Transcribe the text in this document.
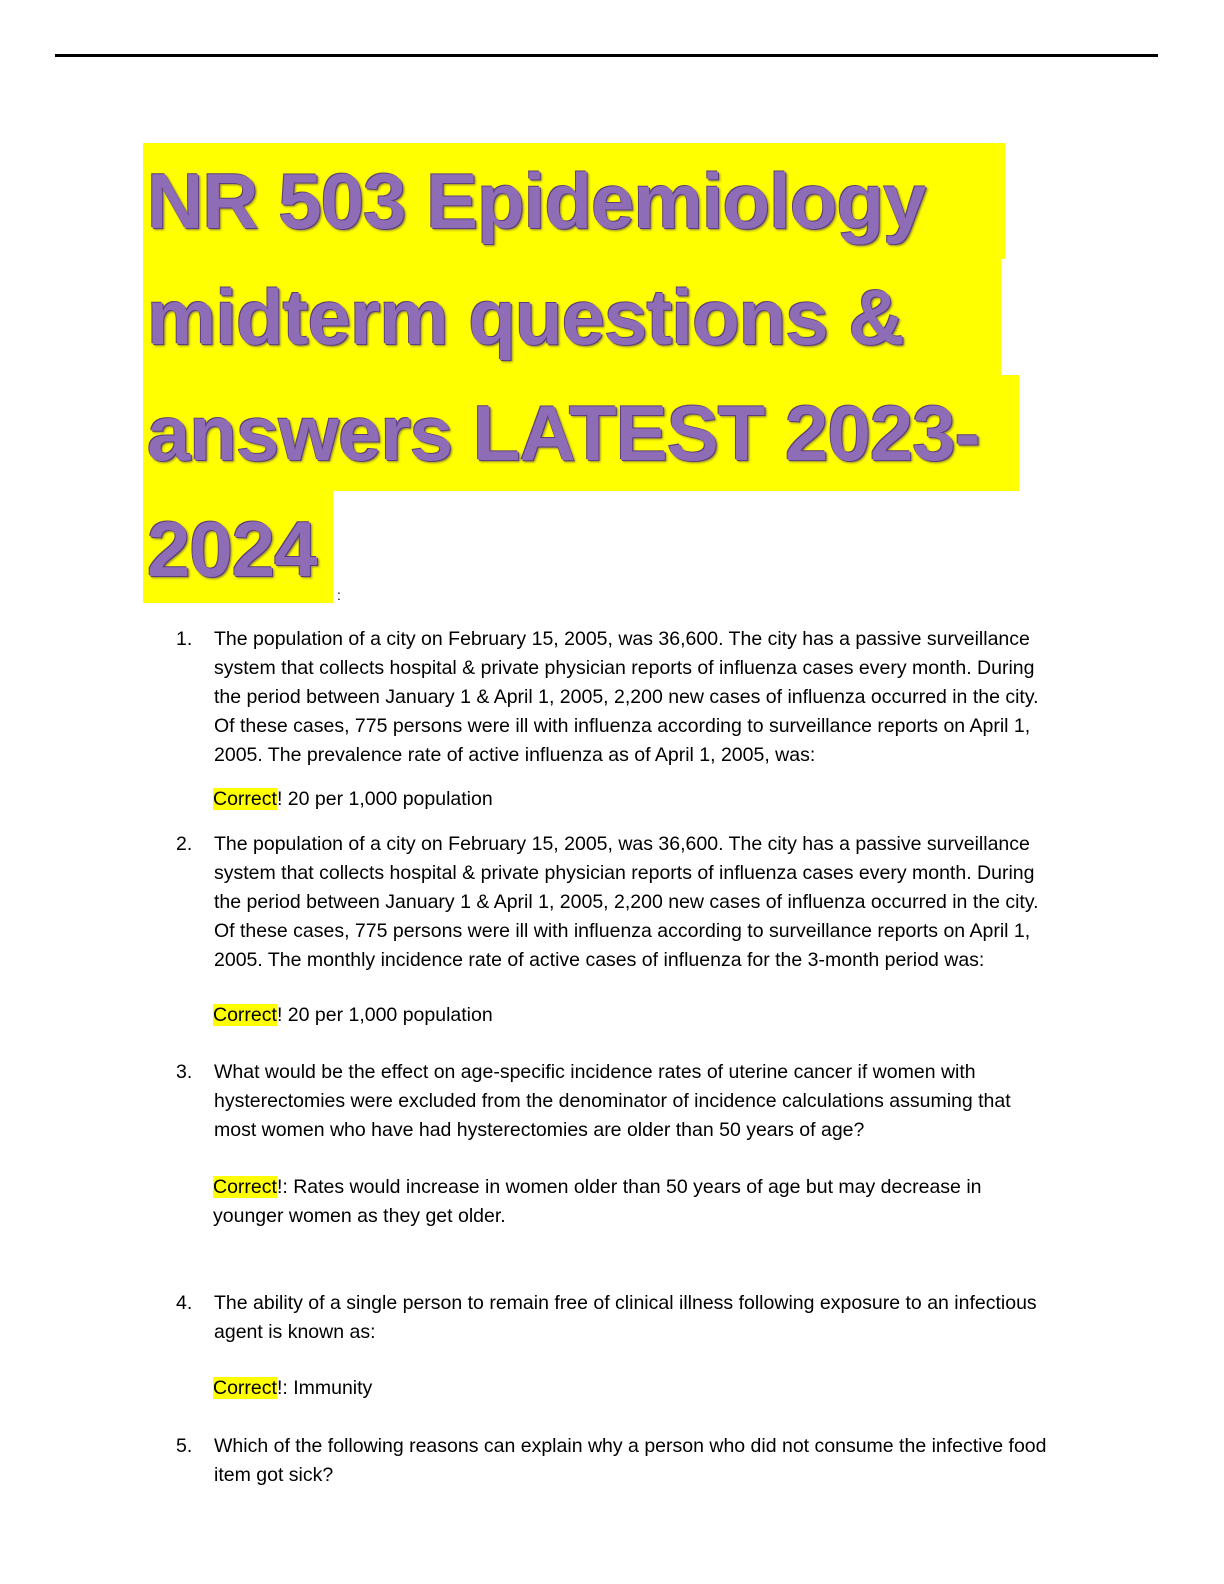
NR 503 Epidemiology
midterm questions &
answers LATEST 2023-
2024:
1. The population of a city on February 15, 2005, was 36,600. The city has a passive surveillance system that collects hospital & private physician reports of influenza cases every month. During the period between January 1 & April 1, 2005, 2,200 new cases of influenza occurred in the city. Of these cases, 775 persons were ill with influenza according to surveillance reports on April 1, 2005. The prevalence rate of active influenza as of April 1, 2005, was:
Correct! 20 per 1,000 population
2. The population of a city on February 15, 2005, was 36,600. The city has a passive surveillance system that collects hospital & private physician reports of influenza cases every month. During the period between January 1 & April 1, 2005, 2,200 new cases of influenza occurred in the city. Of these cases, 775 persons were ill with influenza according to surveillance reports on April 1, 2005. The monthly incidence rate of active cases of influenza for the 3-month period was:
Correct! 20 per 1,000 population
3. What would be the effect on age-specific incidence rates of uterine cancer if women with hysterectomies were excluded from the denominator of incidence calculations assuming that most women who have had hysterectomies are older than 50 years of age?
Correct!: Rates would increase in women older than 50 years of age but may decrease in younger women as they get older.
4. The ability of a single person to remain free of clinical illness following exposure to an infectious agent is known as:
Correct!: Immunity
5. Which of the following reasons can explain why a person who did not consume the infective food item got sick?
